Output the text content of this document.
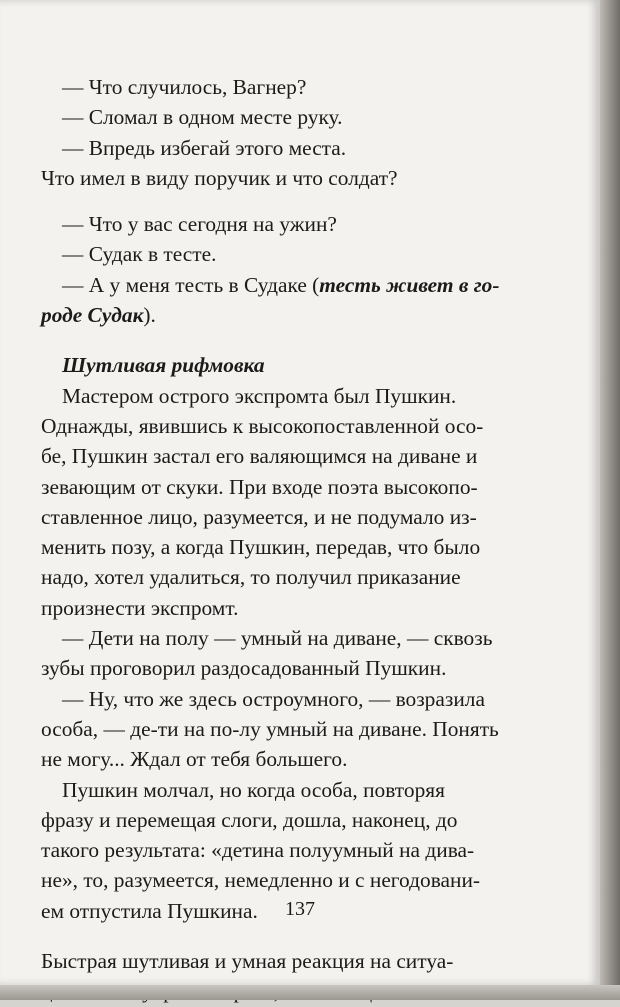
— Что случилось, Вагнер?
— Сломал в одном месте руку.
— Впредь избегай этого места.
Что имел в виду поручик и что солдат?
— Что у вас сегодня на ужин?
— Судак в тесте.
— А у меня тесть в Судаке (тесть живет в го-
роде Судак).
Шутливая рифмовка
Мастером острого экспромта был Пушкин.
Однажды, явившись к высокопоставленной осо-
бе, Пушкин застал его валяющимся на диване и
зевающим от скуки. При входе поэта высокопо-
ставленное лицо, разумеется, и не подумало из-
менить позу, а когда Пушкин, передав, что было
надо, хотел удалиться, то получил приказание
произнести экспромт.
— Дети на полу — умный на диване, — сквозь
зубы проговорил раздосадованный Пушкин.
— Ну, что же здесь остроумного, — возразила
особа, — де-ти на по-лу умный на диване. Понять
не могу... Ждал от тебя большего.
Пушкин молчал, но когда особа, повторяя
фразу и перемещая слоги, дошла, наконец, до
такого результата: «детина полуумный на дива-
не», то, разумеется, немедленно и с негодовани-
ем отпустила Пушкина.
Быстрая шутливая и умная реакция на ситуа-
137
